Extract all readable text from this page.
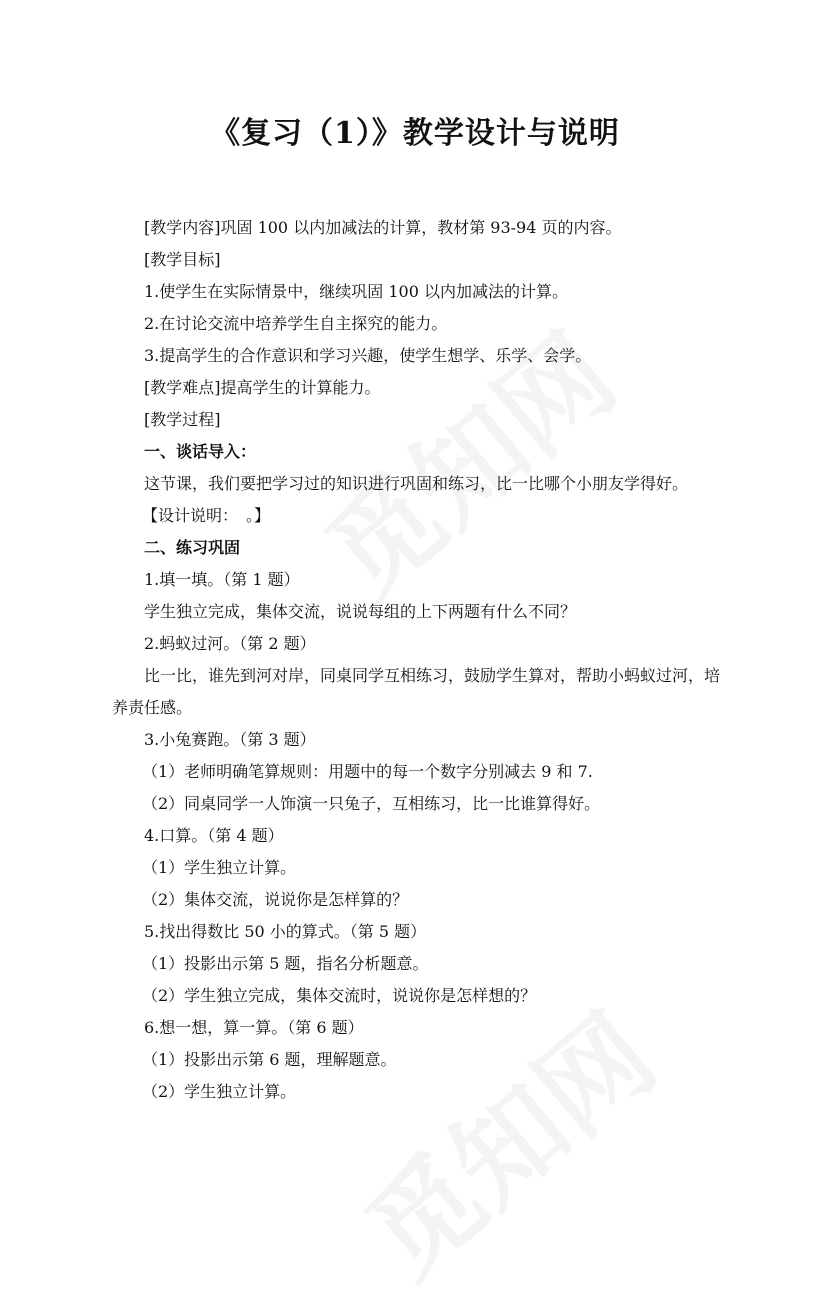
《复习（1）》教学设计与说明
[教学内容]巩固 100 以内加减法的计算，教材第 93-94 页的内容。
[教学目标]
1.使学生在实际情景中，继续巩固 100 以内加减法的计算。
2.在讨论交流中培养学生自主探究的能力。
3.提高学生的合作意识和学习兴趣，使学生想学、乐学、会学。
[教学难点]提高学生的计算能力。
[教学过程]
一、谈话导入：
这节课，我们要把学习过的知识进行巩固和练习，比一比哪个小朋友学得好。
【设计说明：　。】
二、练习巩固
1.填一填。（第 1 题）
学生独立完成，集体交流，说说每组的上下两题有什么不同？
2.蚂蚁过河。（第 2 题）
比一比，谁先到河对岸，同桌同学互相练习，鼓励学生算对，帮助小蚂蚁过河，培养责任感。
3.小兔赛跑。（第 3 题）
（1）老师明确笔算规则：用题中的每一个数字分别减去 9 和 7.
（2）同桌同学一人饰演一只兔子，互相练习，比一比谁算得好。
4.口算。（第 4 题）
（1）学生独立计算。
（2）集体交流，说说你是怎样算的？
5.找出得数比 50 小的算式。（第 5 题）
（1）投影出示第 5 题，指名分析题意。
（2）学生独立完成，集体交流时，说说你是怎样想的？
6.想一想，算一算。（第 6 题）
（1）投影出示第 6 题，理解题意。
（2）学生独立计算。
